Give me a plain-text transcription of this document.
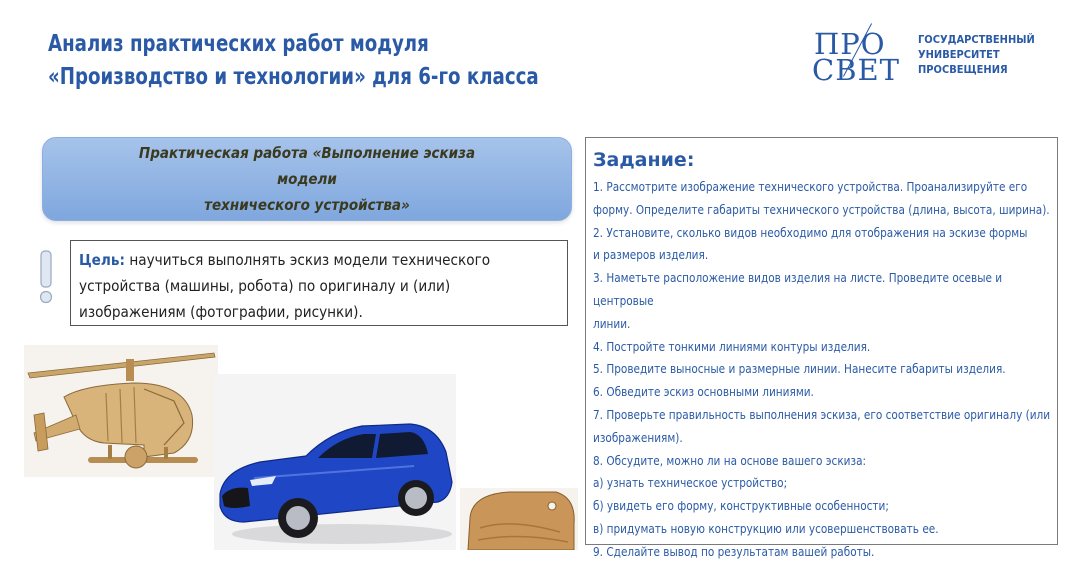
Анализ практических работ модуля
«Производство и технологии» для 6-го класса
ПРО
СВЕТ
ГОСУДАРСТВЕННЫЙ
УНИВЕРСИТЕТ
ПРОСВЕЩЕНИЯ
Практическая работа «Выполнение эскиза модели
технического устройства»
Цель: научиться выполнять эскиз модели технического
устройства (машины, робота) по оригиналу и (или)
изображениям (фотографии, рисунки).
Задание:
1. Рассмотрите изображение технического устройства. Проанализируйте его
форму. Определите габариты технического устройства (длина, высота, ширина).
2. Установите, сколько видов необходимо для отображения на эскизе формы
и размеров изделия.
3. Наметьте расположение видов изделия на листе. Проведите осевые и центровые
линии.
4. Постройте тонкими линиями контуры изделия.
5. Проведите выносные и размерные линии. Нанесите габариты изделия.
6. Обведите эскиз основными линиями.
7. Проверьте правильность выполнения эскиза, его соответствие оригиналу (или
изображениям).
8. Обсудите, можно ли на основе вашего эскиза:
а) узнать техническое устройство;
б) увидеть его форму, конструктивные особенности;
в) придумать новую конструкцию или усовершенствовать ее.
9. Сделайте вывод по результатам вашей работы.
